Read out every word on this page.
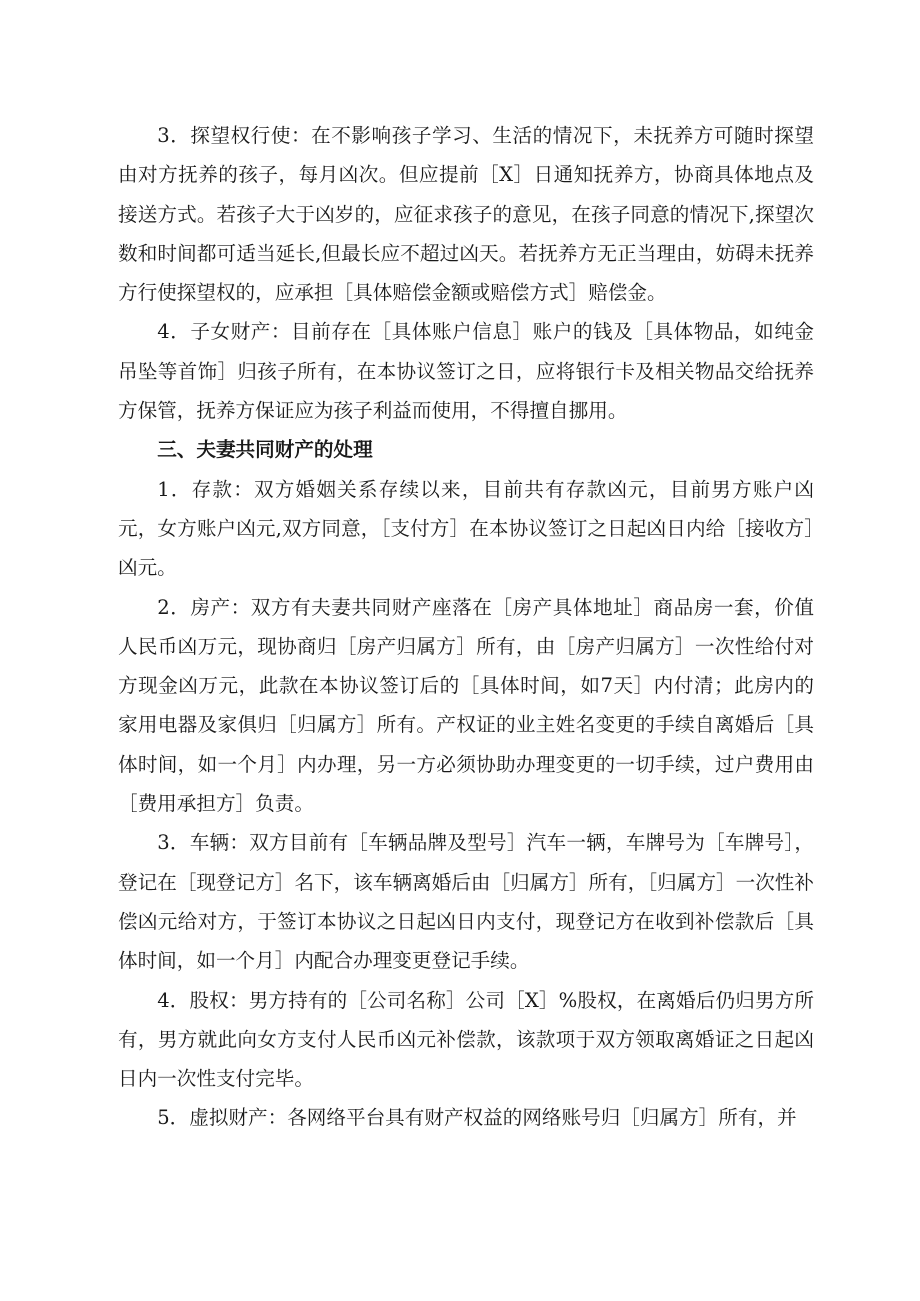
3．探望权行使：在不影响孩子学习、生活的情况下，未抚养方可随时探望由对方抚养的孩子，每月凶次。但应提前［X］日通知抚养方，协商具体地点及接送方式。若孩子大于凶岁的，应征求孩子的意见，在孩子同意的情况下,探望次数和时间都可适当延长,但最长应不超过凶天。若抚养方无正当理由，妨碍未抚养方行使探望权的，应承担［具体赔偿金额或赔偿方式］赔偿金。

4．子女财产：目前存在［具体账户信息］账户的钱及［具体物品，如纯金吊坠等首饰］归孩子所有，在本协议签订之日，应将银行卡及相关物品交给抚养方保管，抚养方保证应为孩子利益而使用，不得擅自挪用。

三、夫妻共同财产的处理

1．存款：双方婚姻关系存续以来，目前共有存款凶元，目前男方账户凶元，女方账户凶元,双方同意，［支付方］在本协议签订之日起凶日内给［接收方］凶元。

2．房产：双方有夫妻共同财产座落在［房产具体地址］商品房一套，价值人民币凶万元，现协商归［房产归属方］所有，由［房产归属方］一次性给付对方现金凶万元，此款在本协议签订后的［具体时间，如7天］内付清；此房内的家用电器及家俱归［归属方］所有。产权证的业主姓名变更的手续自离婚后［具体时间，如一个月］内办理，另一方必须协助办理变更的一切手续，过户费用由［费用承担方］负责。

3．车辆：双方目前有［车辆品牌及型号］汽车一辆，车牌号为［车牌号］，登记在［现登记方］名下，该车辆离婚后由［归属方］所有，［归属方］一次性补偿凶元给对方，于签订本协议之日起凶日内支付，现登记方在收到补偿款后［具体时间，如一个月］内配合办理变更登记手续。

4．股权：男方持有的［公司名称］公司［X］%股权，在离婚后仍归男方所有，男方就此向女方支付人民币凶元补偿款，该款项于双方领取离婚证之日起凶日内一次性支付完毕。

5．虚拟财产：各网络平台具有财产权益的网络账号归［归属方］所有，并
